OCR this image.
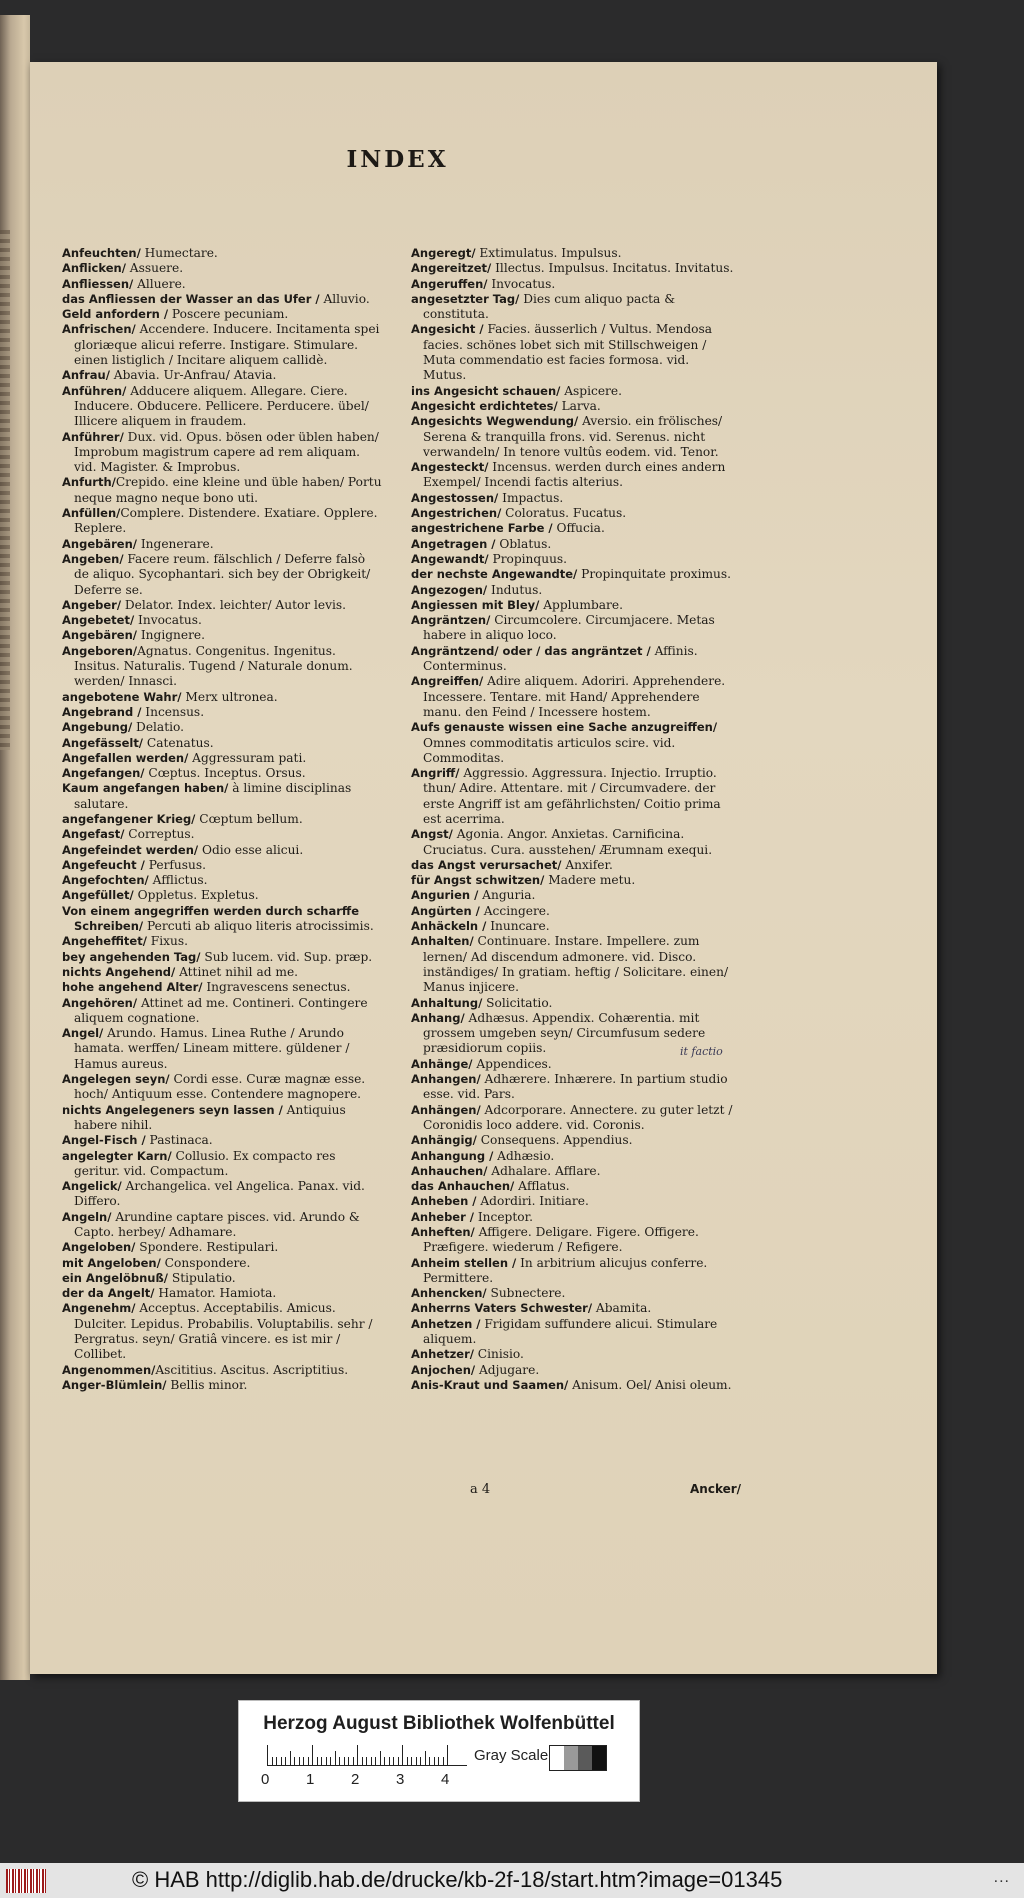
INDEX

Anfeuchten/ Humectare.

Anflicken/ Assuere.

Anfliessen/ Alluere.

das Anfliessen der Wasser an das Ufer / Alluvio.

Geld anfordern / Poscere pecuniam.

Anfrischen/ Accendere. Inducere. Incitamenta spei gloriæque alicui referre. Instigare. Stimulare. einen listiglich / Incitare aliquem callidè.

Anfrau/ Abavia. Ur-Anfrau/ Atavia.

Anführen/ Adducere aliquem. Allegare. Ciere. Inducere. Obducere. Pellicere. Perducere. übel/ Illicere aliquem in fraudem.

Anführer/ Dux. vid. Opus. bösen oder üblen haben/ Improbum magistrum capere ad rem aliquam. vid. Magister. & Improbus.

Anfurth/Crepido. eine kleine und üble haben/ Portu neque magno neque bono uti.

Anfüllen/Complere. Distendere. Exatiare. Opplere. Replere.

Angebären/ Ingenerare.

Angeben/ Facere reum. fälschlich / Deferre falsò de aliquo. Sycophantari. sich bey der Obrigkeit/ Deferre se.

Angeber/ Delator. Index. leichter/ Autor levis.

Angebetet/ Invocatus.

Angebären/ Ingignere.

Angeboren/Agnatus. Congenitus. Ingenitus. Insitus. Naturalis. Tugend / Naturale donum. werden/ Innasci.

angebotene Wahr/ Merx ultronea.

Angebrand / Incensus.

Angebung/ Delatio.

Angefässelt/ Catenatus.

Angefallen werden/ Aggressuram pati.

Angefangen/ Cœptus. Inceptus. Orsus.

Kaum angefangen haben/ à limine disciplinas salutare.

angefangener Krieg/ Cœptum bellum.

Angefast/ Correptus.

Angefeindet werden/ Odio esse alicui.

Angefeucht / Perfusus.

Angefochten/ Afflictus.

Angefüllet/ Oppletus. Expletus.

Von einem angegriffen werden durch scharffe Schreiben/ Percuti ab aliquo literis atrocissimis.

Angeheffitet/ Fixus.

bey angehenden Tag/ Sub lucem. vid. Sup. præp.

nichts Angehend/ Attinet nihil ad me.

hohe angehend Alter/ Ingravescens senectus.

Angehören/ Attinet ad me. Contineri. Contingere aliquem cognatione.

Angel/ Arundo. Hamus. Linea Ruthe / Arundo hamata. werffen/ Lineam mittere. güldener / Hamus aureus.

Angelegen seyn/ Cordi esse. Curæ magnæ esse. hoch/ Antiquum esse. Contendere magnopere.

nichts Angelegeners seyn lassen / Antiquius habere nihil.

Angel-Fisch / Pastinaca.

angelegter Karn/ Collusio. Ex compacto res geritur. vid. Compactum.

Angelick/ Archangelica. vel Angelica. Panax. vid. Differo.

Angeln/ Arundine captare pisces. vid. Arundo & Capto. herbey/ Adhamare.

Angeloben/ Spondere. Restipulari.

mit Angeloben/ Conspondere.

ein Angelöbnuß/ Stipulatio.

der da Angelt/ Hamator. Hamiota.

Angenehm/ Acceptus. Acceptabilis. Amicus. Dulciter. Lepidus. Probabilis. Voluptabilis. sehr / Pergratus. seyn/ Gratiâ vincere. es ist mir / Collibet.

Angenommen/Ascititius. Ascitus. Ascriptitius.

Anger-Blümlein/ Bellis minor.

Angeregt/ Extimulatus. Impulsus.

Angereitzet/ Illectus. Impulsus. Incitatus. Invitatus.

Angeruffen/ Invocatus.

angesetzter Tag/ Dies cum aliquo pacta & constituta.

Angesicht / Facies. äusserlich / Vultus. Mendosa facies. schönes lobet sich mit Stillschweigen / Muta commendatio est facies formosa. vid. Mutus.

ins Angesicht schauen/ Aspicere.

Angesicht erdichtetes/ Larva.

Angesichts Wegwendung/ Aversio. ein frölisches/ Serena & tranquilla frons. vid. Serenus. nicht verwandeln/ In tenore vultûs eodem. vid. Tenor.

Angesteckt/ Incensus. werden durch eines andern Exempel/ Incendi factis alterius.

Angestossen/ Impactus.

Angestrichen/ Coloratus. Fucatus.

angestrichene Farbe / Offucia.

Angetragen / Oblatus.

Angewandt/ Propinquus.

der nechste Angewandte/ Propinquitate proximus.

Angezogen/ Indutus.

Angiessen mit Bley/ Applumbare.

Angräntzen/ Circumcolere. Circumjacere. Metas habere in aliquo loco.

Angräntzend/ oder / das angräntzet / Affinis. Conterminus.

Angreiffen/ Adire aliquem. Adoriri. Apprehendere. Incessere. Tentare. mit Hand/ Apprehendere manu. den Feind / Incessere hostem.

Aufs genauste wissen eine Sache anzugreiffen/ Omnes commoditatis articulos scire. vid. Commoditas.

Angriff/ Aggressio. Aggressura. Injectio. Irruptio. thun/ Adire. Attentare. mit / Circumvadere. der erste Angriff ist am gefährlichsten/ Coitio prima est acerrima.

Angst/ Agonia. Angor. Anxietas. Carnificina. Cruciatus. Cura. ausstehen/ Ærumnam exequi.

das Angst verursachet/ Anxifer.

für Angst schwitzen/ Madere metu.

Angurien / Anguria.

Angürten / Accingere.

Anhäckeln / Inuncare.

Anhalten/ Continuare. Instare. Impellere. zum lernen/ Ad discendum admonere. vid. Disco. inständiges/ In gratiam. heftig / Solicitare. einen/ Manus injicere.

Anhaltung/ Solicitatio.

Anhang/ Adhæsus. Appendix. Cohærentia. mit grossem umgeben seyn/ Circumfusum sedere præsidiorum copiis.

Anhänge/ Appendices.

Anhangen/ Adhærere. Inhærere. In partium studio esse. vid. Pars.

Anhängen/ Adcorporare. Annectere. zu guter letzt / Coronidis loco addere. vid. Coronis.

Anhängig/ Consequens. Appendius.

Anhangung / Adhæsio.

Anhauchen/ Adhalare. Afflare.

das Anhauchen/ Afflatus.

Anheben / Adordiri. Initiare.

Anheber / Inceptor.

Anheften/ Affigere. Deligare. Figere. Offigere. Præfigere. wiederum / Refigere.

Anheim stellen / In arbitrium alicujus conferre. Permittere.

Anhencken/ Subnectere.

Anherrns Vaters Schwester/ Abamita.

Anhetzen / Frigidam suffundere alicui. Stimulare aliquem.

Anhetzer/ Cinisio.

Anjochen/ Adjugare.

Anis-Kraut und Saamen/ Anisum. Oel/ Anisi oleum.

it factio
a 4	Ancker/
Herzog August Bibliothek Wolfenbüttel
0 1 2 3 4
Gray Scale
© HAB http://diglib.hab.de/drucke/kb-2f-18/start.htm?image=01345	...
